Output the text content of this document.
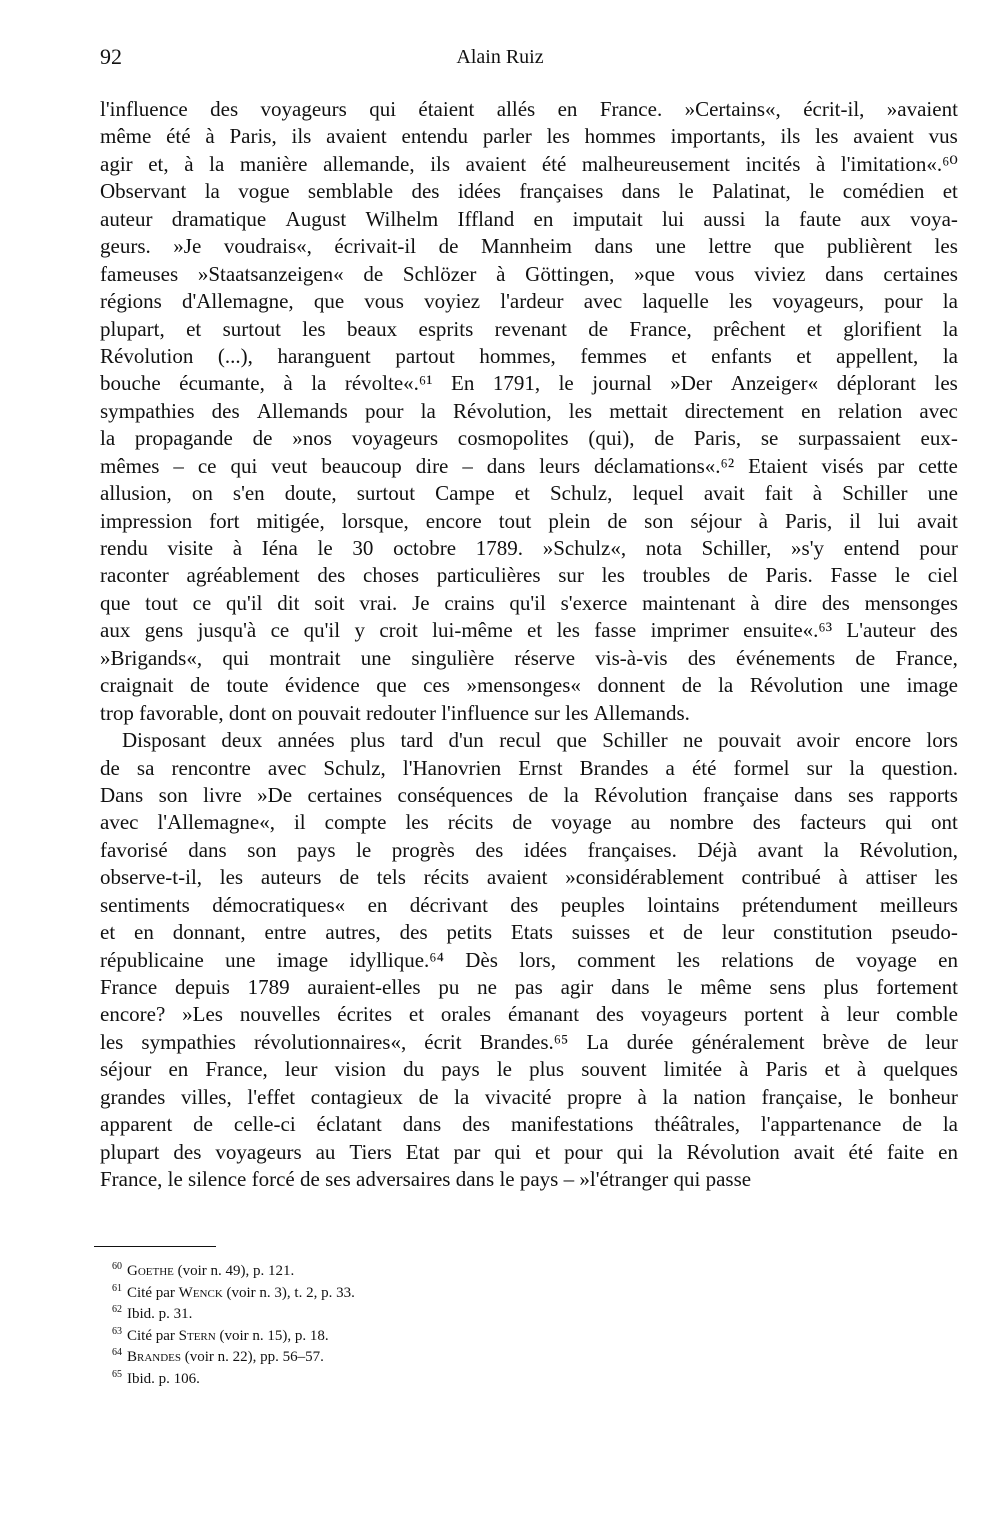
92	Alain Ruiz
l'influence des voyageurs qui étaient allés en France. »Certains«, écrit-il, »avaient
même été à Paris, ils avaient entendu parler les hommes importants, ils les avaient vus
agir et, à la manière allemande, ils avaient été malheureusement incités à l'imitation«.⁶⁰
Observant la vogue semblable des idées françaises dans le Palatinat, le comédien et
auteur dramatique August Wilhelm Iffland en imputait lui aussi la faute aux voya-
geurs. »Je voudrais«, écrivait-il de Mannheim dans une lettre que publièrent les
fameuses »Staatsanzeigen« de Schlözer à Göttingen, »que vous viviez dans certaines
régions d'Allemagne, que vous voyiez l'ardeur avec laquelle les voyageurs, pour la
plupart, et surtout les beaux esprits revenant de France, prêchent et glorifient la
Révolution (...), haranguent partout hommes, femmes et enfants et appellent, la
bouche écumante, à la révolte«.⁶¹ En 1791, le journal »Der Anzeiger« déplorant les
sympathies des Allemands pour la Révolution, les mettait directement en relation avec
la propagande de »nos voyageurs cosmopolites (qui), de Paris, se surpassaient eux-
mêmes – ce qui veut beaucoup dire – dans leurs déclamations«.⁶² Etaient visés par cette
allusion, on s'en doute, surtout Campe et Schulz, lequel avait fait à Schiller une
impression fort mitigée, lorsque, encore tout plein de son séjour à Paris, il lui avait
rendu visite à Iéna le 30 octobre 1789. »Schulz«, nota Schiller, »s'y entend pour
raconter agréablement des choses particulières sur les troubles de Paris. Fasse le ciel
que tout ce qu'il dit soit vrai. Je crains qu'il s'exerce maintenant à dire des mensonges
aux gens jusqu'à ce qu'il y croit lui-même et les fasse imprimer ensuite«.⁶³ L'auteur des
»Brigands«, qui montrait une singulière réserve vis-à-vis des événements de France,
craignait de toute évidence que ces »mensonges« donnent de la Révolution une image
trop favorable, dont on pouvait redouter l'influence sur les Allemands.
Disposant deux années plus tard d'un recul que Schiller ne pouvait avoir encore lors
de sa rencontre avec Schulz, l'Hanovrien Ernst Brandes a été formel sur la question.
Dans son livre »De certaines conséquences de la Révolution française dans ses rapports
avec l'Allemagne«, il compte les récits de voyage au nombre des facteurs qui ont
favorisé dans son pays le progrès des idées françaises. Déjà avant la Révolution,
observe-t-il, les auteurs de tels récits avaient »considérablement contribué à attiser les
sentiments démocratiques« en décrivant des peuples lointains prétendument meilleurs
et en donnant, entre autres, des petits Etats suisses et de leur constitution pseudo-
républicaine une image idyllique.⁶⁴ Dès lors, comment les relations de voyage en
France depuis 1789 auraient-elles pu ne pas agir dans le même sens plus fortement
encore? »Les nouvelles écrites et orales émanant des voyageurs portent à leur comble
les sympathies révolutionnaires«, écrit Brandes.⁶⁵ La durée généralement brève de leur
séjour en France, leur vision du pays le plus souvent limitée à Paris et à quelques
grandes villes, l'effet contagieux de la vivacité propre à la nation française, le bonheur
apparent de celle-ci éclatant dans des manifestations théâtrales, l'appartenance de la
plupart des voyageurs au Tiers Etat par qui et pour qui la Révolution avait été faite en
France, le silence forcé de ses adversaires dans le pays – »l'étranger qui passe
$^{60}$ Goethe (voir n. 49), p. 121.
$^{61}$ Cité par Wenck (voir n. 3), t. 2, p. 33.
$^{62}$ Ibid. p. 31.
$^{63}$ Cité par Stern (voir n. 15), p. 18.
$^{64}$ Brandes (voir n. 22), pp. 56–57.
$^{65}$ Ibid. p. 106.
